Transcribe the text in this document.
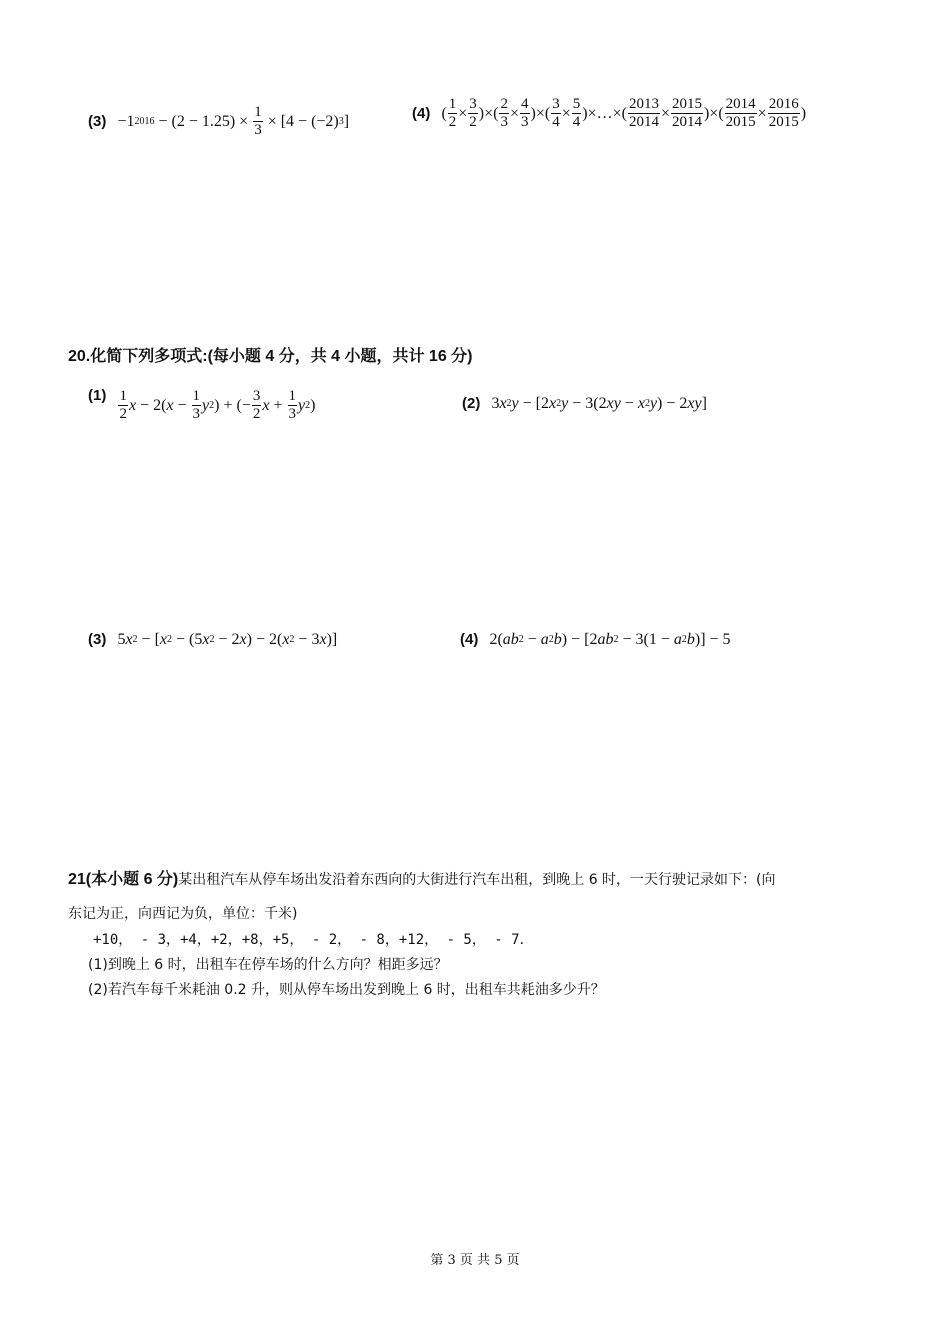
(3) −1 $2016 - (2 - 1.25) \times \frac{1}{3} \times [4 - (-2)$ 3 ]	(4) ( $\frac{1}{2} \times \frac{3}{2}$ )×( $\frac{2}{3} \times \frac{4}{3}$ )×( $\frac{3}{4} \times \frac{5}{4}$ )×…×( $\frac{2013}{2014} \times \frac{2015}{2014}$ )×( $\frac{2014}{2015} \times \frac{2016}{2015}$ )
20.化简下列多项式:(每小题 4 分，共 4 小题，共计 16 分)
$(1) \frac{1}{2}$ x − 2( $x - \frac{1}{3}$ y 2 ) + (− $\frac{3}{2}$ $x + \frac{1}{3}$ y 2 )	(2) 3 x 2 y − [2 x 2 y − 3(2 xy − x 2 y ) − 2 xy ]
(3) 5 x 2 − [ x 2 − (5 x 2 − 2 x ) − 2( x 2 − 3 x )]	(4) 2( ab 2 − a 2 b ) − [2 ab 2 − 3(1 − a 2 b )] − 5
21(本小题 6 分)某出租汽车从停车场出发沿着东西向的大街进行汽车出租，到晚上 6 时，一天行驶记录如下：(向
东记为正，向西记为负，单位：千米)
+10， - 3，+4，+2，+8，+5， - 2， - 8，+12， - 5， - 7．
(1)到晚上 6 时，出租车在停车场的什么方向？相距多远？
(2)若汽车每千米耗油 0.2 升，则从停车场出发到晚上 6 时，出租车共耗油多少升？
第 3 页 共 5 页
